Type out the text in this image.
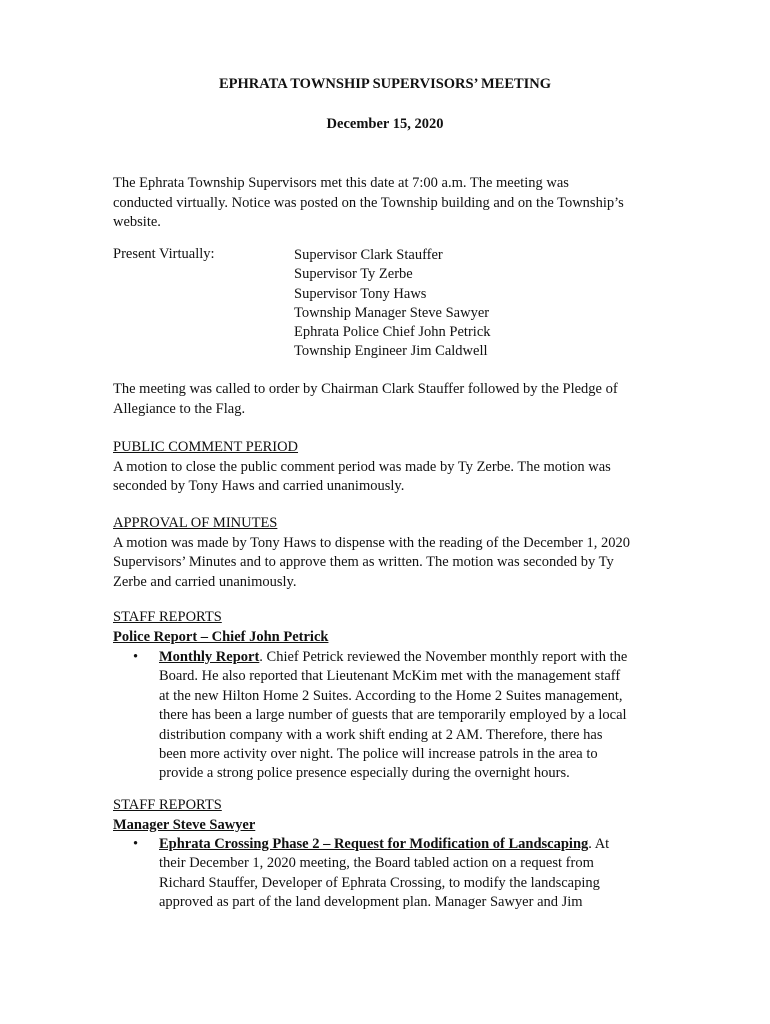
EPHRATA TOWNSHIP SUPERVISORS’ MEETING
December 15, 2020
The Ephrata Township Supervisors met this date at 7:00 a.m. The meeting was
conducted virtually. Notice was posted on the Township building and on the Township’s
website.
Present Virtually:	Supervisor Clark Stauffer
Supervisor Ty Zerbe
Supervisor Tony Haws
Township Manager Steve Sawyer
Ephrata Police Chief John Petrick
Township Engineer Jim Caldwell
The meeting was called to order by Chairman Clark Stauffer followed by the Pledge of
Allegiance to the Flag.
PUBLIC COMMENT PERIOD
A motion to close the public comment period was made by Ty Zerbe. The motion was
seconded by Tony Haws and carried unanimously.
APPROVAL OF MINUTES
A motion was made by Tony Haws to dispense with the reading of the December 1, 2020
Supervisors’ Minutes and to approve them as written. The motion was seconded by Ty
Zerbe and carried unanimously.
STAFF REPORTS
Police Report – Chief John Petrick
• Monthly Report. Chief Petrick reviewed the November monthly report with the
Board. He also reported that Lieutenant McKim met with the management staff
at the new Hilton Home 2 Suites. According to the Home 2 Suites management,
there has been a large number of guests that are temporarily employed by a local
distribution company with a work shift ending at 2 AM. Therefore, there has
been more activity over night. The police will increase patrols in the area to
provide a strong police presence especially during the overnight hours.
STAFF REPORTS
Manager Steve Sawyer
• Ephrata Crossing Phase 2 – Request for Modification of Landscaping. At
their December 1, 2020 meeting, the Board tabled action on a request from
Richard Stauffer, Developer of Ephrata Crossing, to modify the landscaping
approved as part of the land development plan. Manager Sawyer and Jim
